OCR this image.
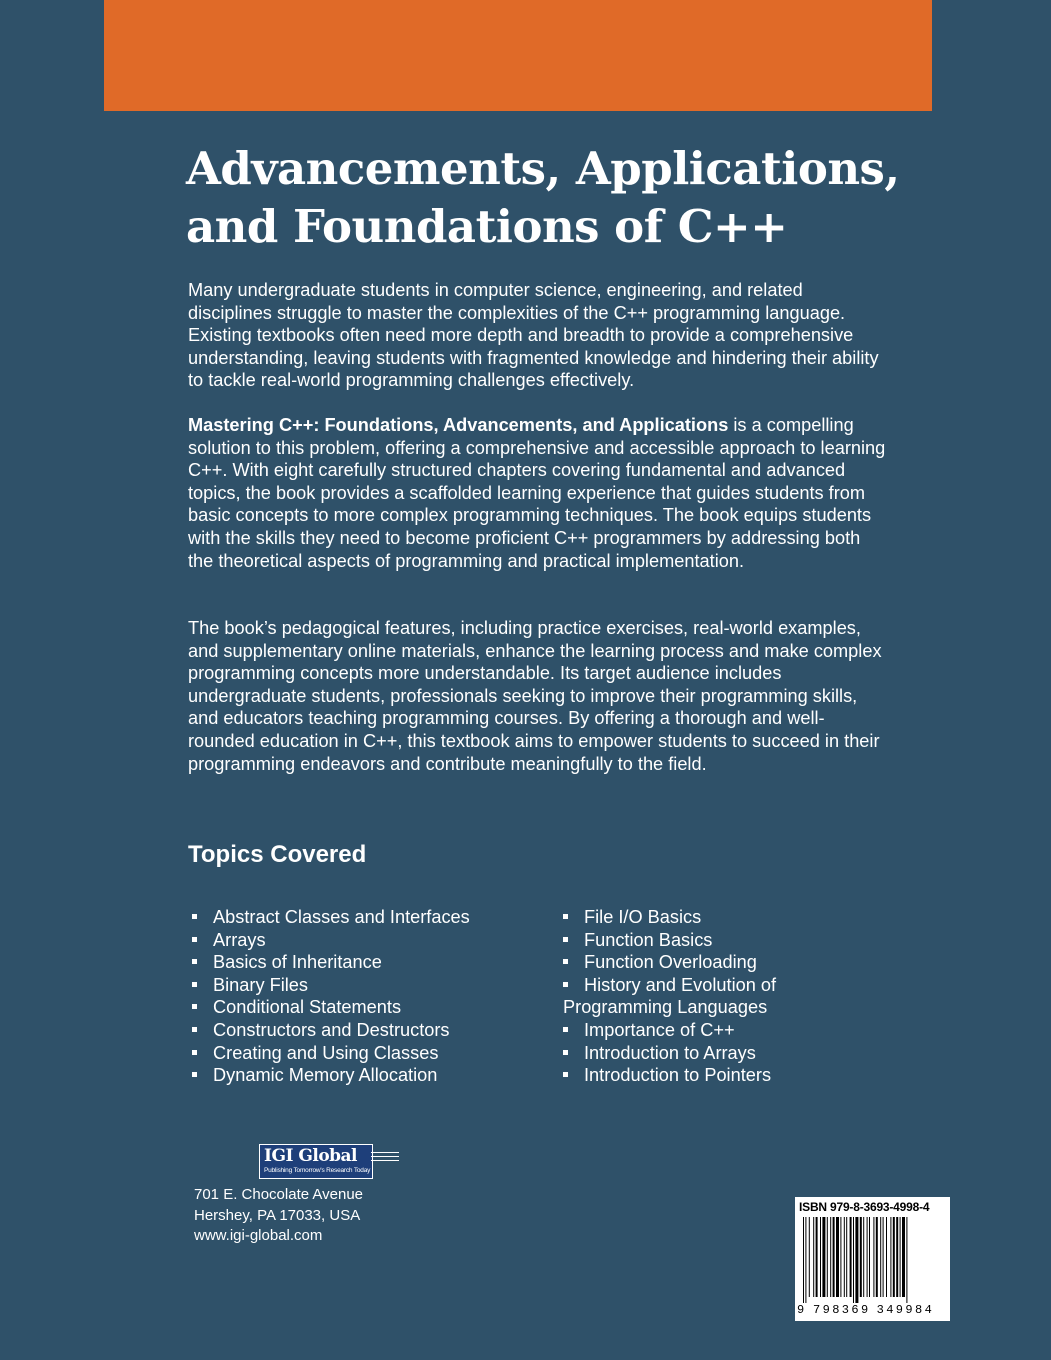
Advancements, Applications,
and Foundations of C++

Many undergraduate students in computer science, engineering, and related disciplines struggle to master the complexities of the C++ programming language. Existing textbooks often need more depth and breadth to provide a comprehensive understanding, leaving students with fragmented knowledge and hindering their ability to tackle real-world programming challenges effectively.

Mastering C++: Foundations, Advancements, and Applications is a compelling solution to this problem, offering a comprehensive and accessible approach to learning C++. With eight carefully structured chapters covering fundamental and advanced topics, the book provides a scaffolded learning experience that guides students from basic concepts to more complex programming techniques. The book equips students with the skills they need to become proficient C++ programmers by addressing both the theoretical aspects of programming and practical implementation.

The book’s pedagogical features, including practice exercises, real-world examples, and supplementary online materials, enhance the learning process and make complex programming concepts more understandable. Its target audience includes undergraduate students, professionals seeking to improve their programming skills, and educators teaching programming courses. By offering a thorough and well-rounded education in C++, this textbook aims to empower students to succeed in their programming endeavors and contribute meaningfully to the field.

Topics Covered
Abstract Classes and Interfaces
Arrays
Basics of Inheritance
Binary Files
Conditional Statements
Constructors and Destructors
Creating and Using Classes
Dynamic Memory Allocation
File I/O Basics
Function Basics
Function Overloading
History and Evolution of Programming Languages
Importance of C++
Introduction to Arrays
Introduction to Pointers
IGI Global
Publishing Tomorrow's Research Today
701 E. Chocolate Avenue
Hershey, PA 17033, USA
www.igi-global.com
ISBN 979-8-3693-4998-4
9 798369 349984
